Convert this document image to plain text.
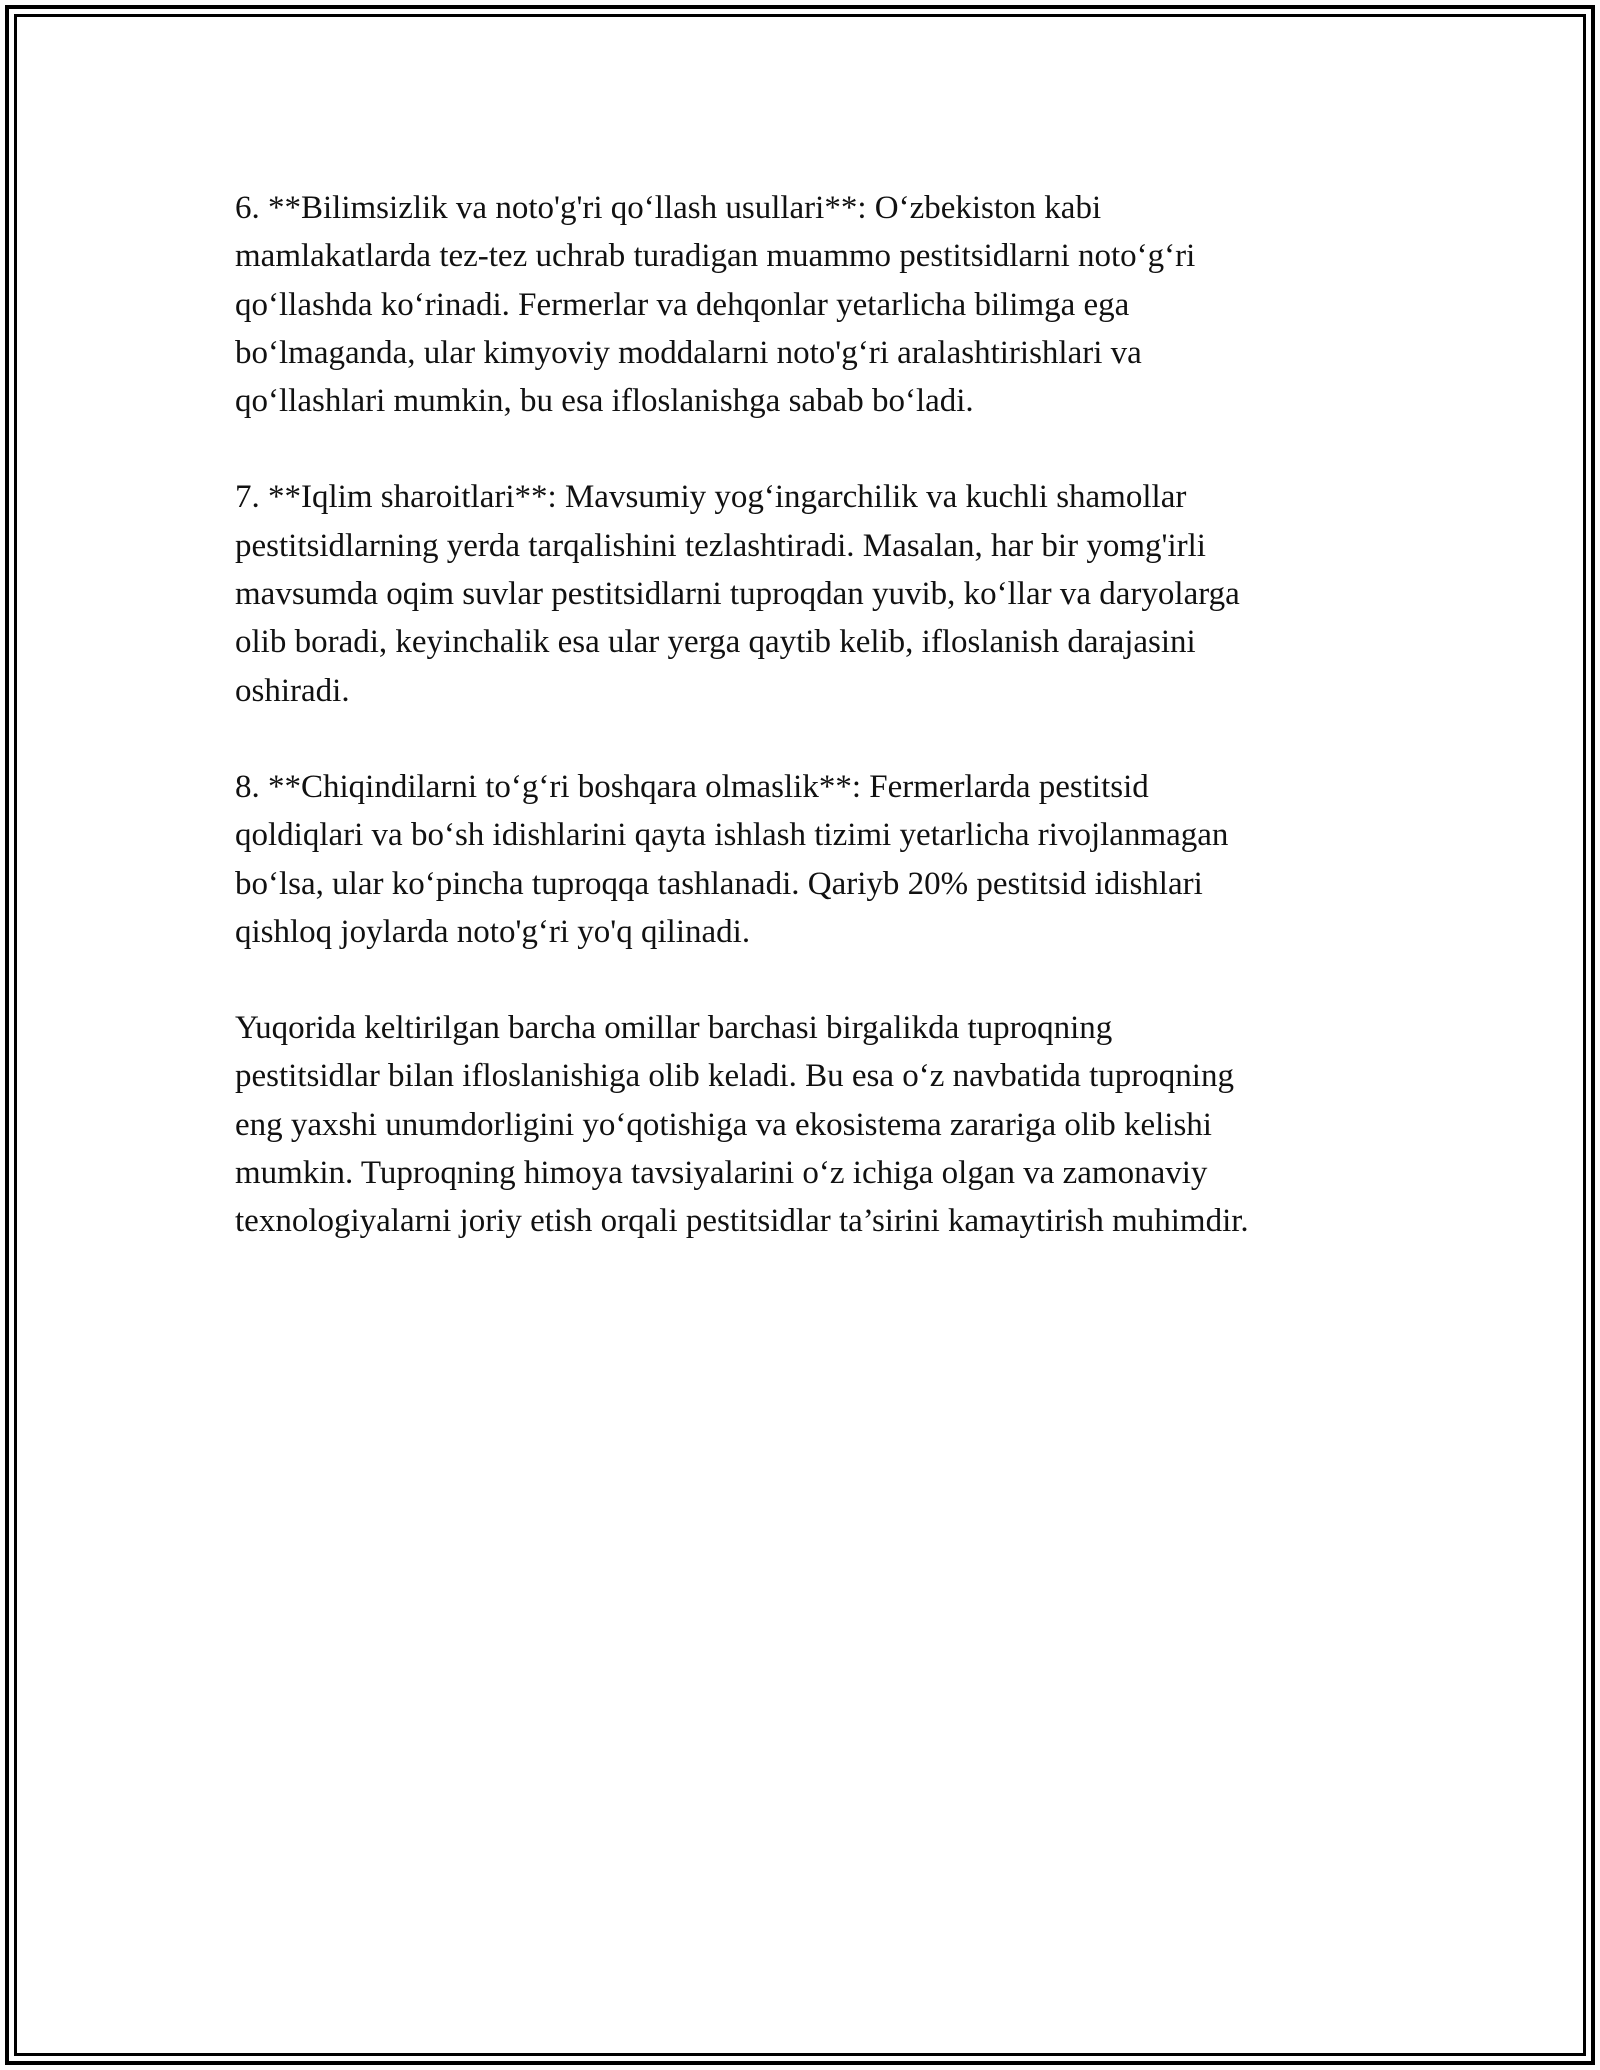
6. **Bilimsizlik va noto'g'ri qo‘llash usullari**: O‘zbekiston kabi
mamlakatlarda tez-tez uchrab turadigan muammo pestitsidlarni noto‘g‘ri
qo‘llashda ko‘rinadi. Fermerlar va dehqonlar yetarlicha bilimga ega
bo‘lmaganda, ular kimyoviy moddalarni noto'g‘ri aralashtirishlari va
qo‘llashlari mumkin, bu esa ifloslanishga sabab bo‘ladi.

7. **Iqlim sharoitlari**: Mavsumiy yog‘ingarchilik va kuchli shamollar
pestitsidlarning yerda tarqalishini tezlashtiradi. Masalan, har bir yomg'irli
mavsumda oqim suvlar pestitsidlarni tuproqdan yuvib, ko‘llar va daryolarga
olib boradi, keyinchalik esa ular yerga qaytib kelib, ifloslanish darajasini
oshiradi.

8. **Chiqindilarni to‘g‘ri boshqara olmaslik**: Fermerlarda pestitsid
qoldiqlari va bo‘sh idishlarini qayta ishlash tizimi yetarlicha rivojlanmagan
bo‘lsa, ular ko‘pincha tuproqqa tashlanadi. Qariyb 20% pestitsid idishlari
qishloq joylarda noto'g‘ri yo'q qilinadi.

Yuqorida keltirilgan barcha omillar barchasi birgalikda tuproqning
pestitsidlar bilan ifloslanishiga olib keladi. Bu esa o‘z navbatida tuproqning
eng yaxshi unumdorligini yo‘qotishiga va ekosistema zarariga olib kelishi
mumkin. Tuproqning himoya tavsiyalarini o‘z ichiga olgan va zamonaviy
texnologiyalarni joriy etish orqali pestitsidlar ta’sirini kamaytirish muhimdir.
